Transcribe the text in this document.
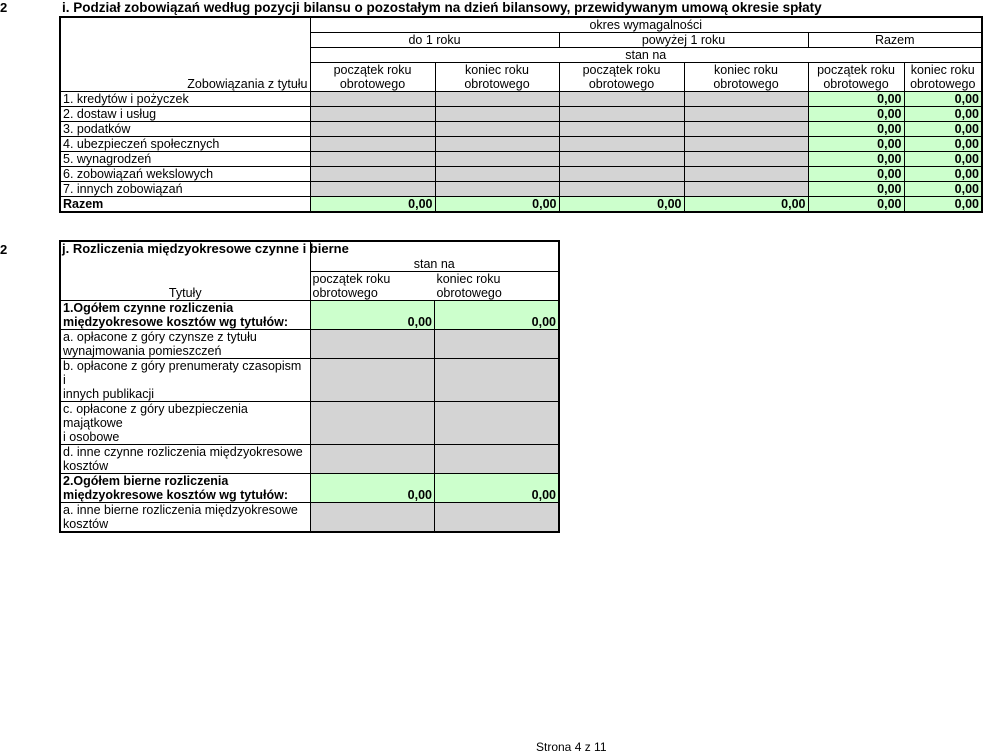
2	i. Podział zobowiązań według pozycji bilansu o pozostałym na dzień bilansowy, przewidywanym umową okresie spłaty
	okres wymagalności					
	do 1 roku		powyżej 1 roku		Razem	
	stan na					
	początek roku	koniec roku	początek roku	koniec roku	początek roku	koniec roku
Zobowiązania z tytułu	obrotowego	obrotowego	obrotowego	obrotowego	obrotowego	obrotowego
1. kredytów i pożyczek					0,00	0,00
2. dostaw i usług					0,00	0,00
3. podatków					0,00	0,00
4. ubezpieczeń społecznych					0,00	0,00
5. wynagrodzeń					0,00	0,00
6. zobowiązań wekslowych					0,00	0,00
7. innych zobowiązań					0,00	0,00
Razem	0,00	0,00	0,00	0,00	0,00	0,00
2	j. Rozliczenia międzyokresowe czynne i bierne

	stan na	
	początek roku	koniec roku
Tytuły	obrotowego	obrotowego
1.Ogółem czynne rozliczenia
międzyokresowe kosztów wg tytułów:	0,00	0,00
a. opłacone z góry czynsze z tytułu
wynajmowania pomieszczeń		
b. opłacone z góry prenumeraty czasopism i
innych publikacji		
c. opłacone z góry ubezpieczenia majątkowe
i osobowe		
d. inne czynne rozliczenia międzyokresowe
kosztów		
2.Ogółem bierne rozliczenia
międzyokresowe kosztów wg tytułów:	0,00	0,00
a. inne bierne rozliczenia międzyokresowe
kosztów		
Strona 4 z 11
